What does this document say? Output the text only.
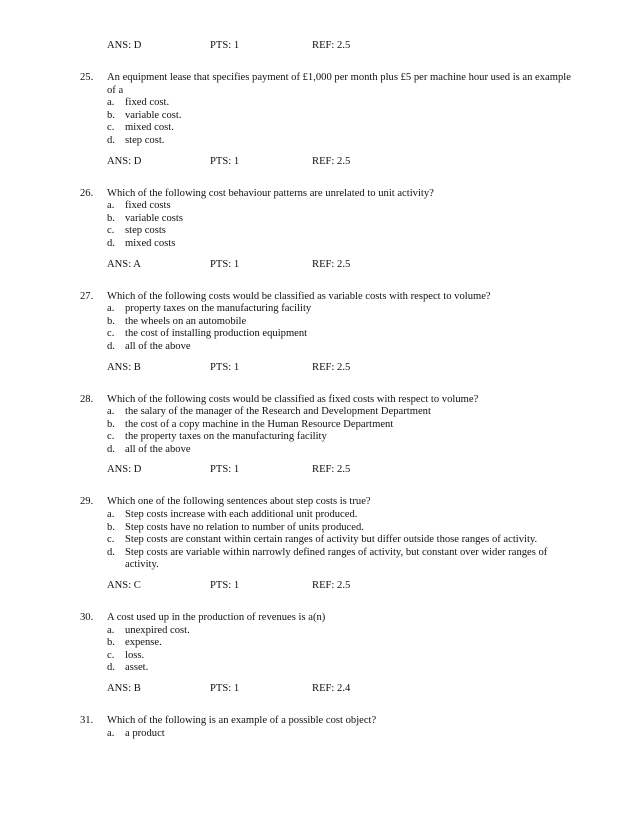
ANS: D	PTS: 1	REF: 2.5
25. An equipment lease that specifies payment of £1,000 per month plus £5 per machine hour used is an example of a
a. fixed cost.
b. variable cost.
c. mixed cost.
d. step cost.
ANS: D	PTS: 1	REF: 2.5
26. Which of the following cost behaviour patterns are unrelated to unit activity?
a. fixed costs
b. variable costs
c. step costs
d. mixed costs
ANS: A	PTS: 1	REF: 2.5
27. Which of the following costs would be classified as variable costs with respect to volume?
a. property taxes on the manufacturing facility
b. the wheels on an automobile
c. the cost of installing production equipment
d. all of the above
ANS: B	PTS: 1	REF: 2.5
28. Which of the following costs would be classified as fixed costs with respect to volume?
a. the salary of the manager of the Research and Development Department
b. the cost of a copy machine in the Human Resource Department
c. the property taxes on the manufacturing facility
d. all of the above
ANS: D	PTS: 1	REF: 2.5
29. Which one of the following sentences about step costs is true?
a. Step costs increase with each additional unit produced.
b. Step costs have no relation to number of units produced.
c. Step costs are constant within certain ranges of activity but differ outside those ranges of activity.
d. Step costs are variable within narrowly defined ranges of activity, but constant over wider ranges of activity.
ANS: C	PTS: 1	REF: 2.5
30. A cost used up in the production of revenues is a(n)
a. unexpired cost.
b. expense.
c. loss.
d. asset.
ANS: B	PTS: 1	REF: 2.4
31. Which of the following is an example of a possible cost object?
a. a product
